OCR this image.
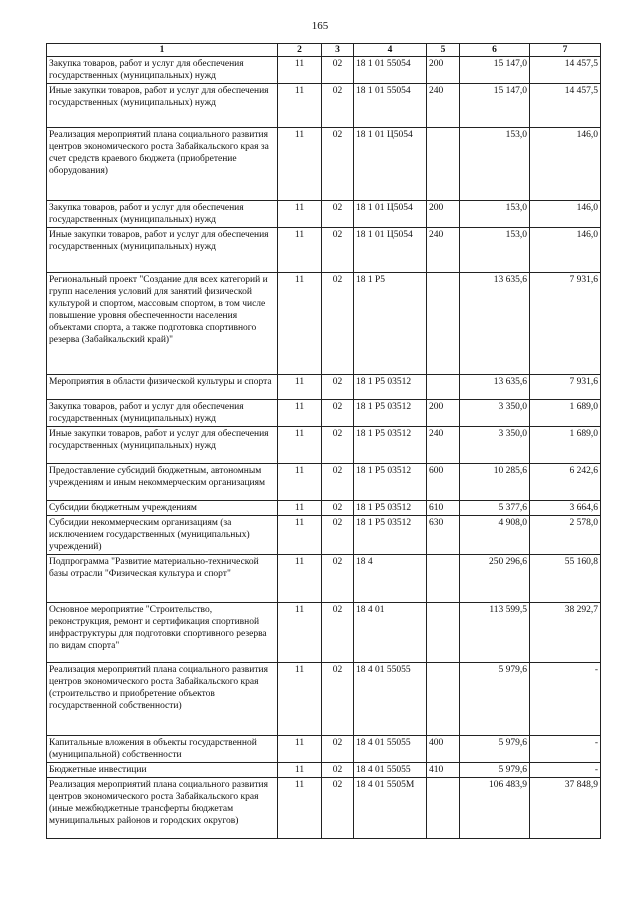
165
1	2	3	4	5	6	7
Закупка товаров, работ и услуг для обеспечения государственных (муниципальных) нужд	11	02	18 1 01 55054	200	15 147,0	14 457,5
Иные закупки товаров, работ и услуг для обеспечения государственных (муниципальных) нужд	11	02	18 1 01 55054	240	15 147,0	14 457,5
Реализация мероприятий плана социального развития центров экономического роста Забайкальского края за счет средств краевого бюджета (приобретение оборудования)	11	02	18 1 01 Ц5054		153,0	146,0
Закупка товаров, работ и услуг для обеспечения государственных (муниципальных) нужд	11	02	18 1 01 Ц5054	200	153,0	146,0
Иные закупки товаров, работ и услуг для обеспечения государственных (муниципальных) нужд	11	02	18 1 01 Ц5054	240	153,0	146,0
Региональный проект "Создание для всех категорий и групп населения условий для занятий физической культурой и спортом, массовым спортом, в том числе повышение уровня обеспеченности населения объектами спорта, а также подготовка спортивного резерва (Забайкальский край)"	11	02	18 1 P5		13 635,6	7 931,6
Мероприятия в области физической культуры и спорта	11	02	18 1 P5 03512		13 635,6	7 931,6
Закупка товаров, работ и услуг для обеспечения государственных (муниципальных) нужд	11	02	18 1 P5 03512	200	3 350,0	1 689,0
Иные закупки товаров, работ и услуг для обеспечения государственных (муниципальных) нужд	11	02	18 1 P5 03512	240	3 350,0	1 689,0
Предоставление субсидий бюджетным, автономным учреждениям и иным некоммерческим организациям	11	02	18 1 P5 03512	600	10 285,6	6 242,6
Субсидии бюджетным учреждениям	11	02	18 1 P5 03512	610	5 377,6	3 664,6
Субсидии некоммерческим организациям (за исключением государственных (муниципальных) учреждений)	11	02	18 1 P5 03512	630	4 908,0	2 578,0
Подпрограмма "Развитие материально-технической базы отрасли "Физическая культура и спорт"	11	02	18 4		250 296,6	55 160,8
Основное мероприятие "Строительство, реконструкция, ремонт и сертификация спортивной инфраструктуры для подготовки спортивного резерва по видам спорта"	11	02	18 4 01		113 599,5	38 292,7
Реализация мероприятий плана социального развития центров экономического роста Забайкальского края (строительство и приобретение объектов государственной собственности)	11	02	18 4 01 55055		5 979,6	-
Капитальные вложения в объекты государственной (муниципальной) собственности	11	02	18 4 01 55055	400	5 979,6	-
Бюджетные инвестиции	11	02	18 4 01 55055	410	5 979,6	-
Реализация мероприятий плана социального развития центров экономического роста Забайкальского края (иные межбюджетные трансферты бюджетам муниципальных районов и городских округов)	11	02	18 4 01 5505M		106 483,9	37 848,9
